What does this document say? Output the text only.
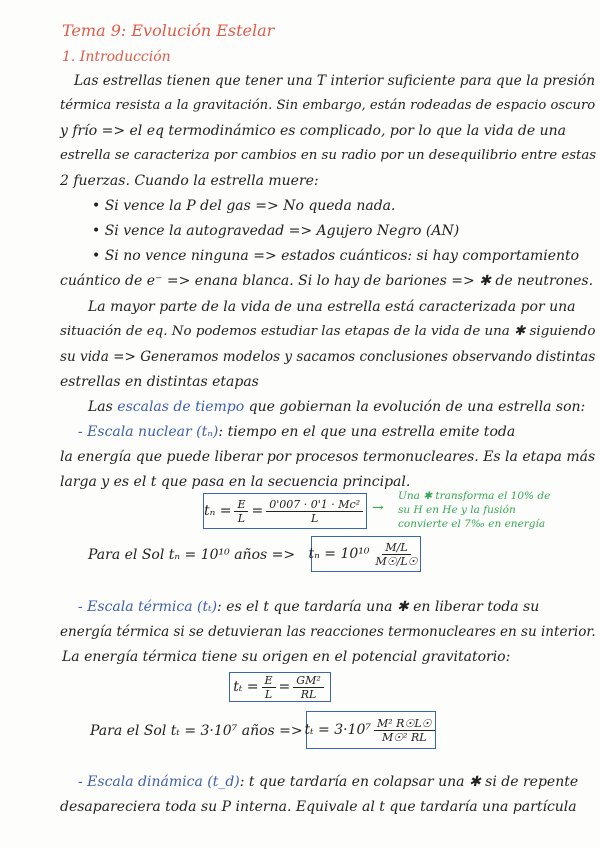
Tema 9: Evolución Estelar
1. Introducción
Las estrellas tienen que tener una T interior suficiente para que la presión
térmica resista a la gravitación. Sin embargo, están rodeadas de espacio oscuro
y frío => el eq termodinámico es complicado, por lo que la vida de una
estrella se caracteriza por cambios en su radio por un desequilibrio entre estas
2 fuerzas. Cuando la estrella muere:
• Si vence la P del gas => No queda nada.
• Si vence la autogravedad => Agujero Negro (AN)
• Si no vence ninguna => estados cuánticos: si hay comportamiento
cuántico de e⁻ => enana blanca. Si lo hay de bariones => ✱ de neutrones.
La mayor parte de la vida de una estrella está caracterizada por una
situación de eq. No podemos estudiar las etapas de la vida de una ✱ siguiendo
su vida => Generamos modelos y sacamos conclusiones observando distintas
estrellas en distintas etapas
Las escalas de tiempo que gobiernan la evolución de una estrella son:
- Escala nuclear (tₙ): tiempo en el que una estrella emite toda
la energía que puede liberar por procesos termonucleares. Es la etapa más
larga y es el t que pasa en la secuencia principal.
$t_n = \frac{E}{L} = \frac{\text{0'007 · 0'1 · Mc²}}{L}$ →
Una ✱ transforma el 10% de
su H en He y la fusión
convierte el 7‰ en energía
Para el Sol tₙ = 10¹⁰ años => $t_n = 10^{10} \frac{M/L}{M☉/L☉}$
- Escala térmica (tₜ): es el t que tardaría una ✱ en liberar toda su
energía térmica si se detuvieran las reacciones termonucleares en su interior.
La energía térmica tiene su origen en el potencial gravitatorio:
$t_t = \frac{E}{L} = \frac{\text{GM²}}{RL}$
Para el Sol tₜ = 3·10⁷ años => $t_t = 3\cdot 10^7 \frac{\text{M² R☉L☉}}{\text{M☉² RL}}$
- Escala dinámica (t_d): t que tardaría en colapsar una ✱ si de repente
desapareciera toda su P interna. Equivale al t que tardaría una partícula
